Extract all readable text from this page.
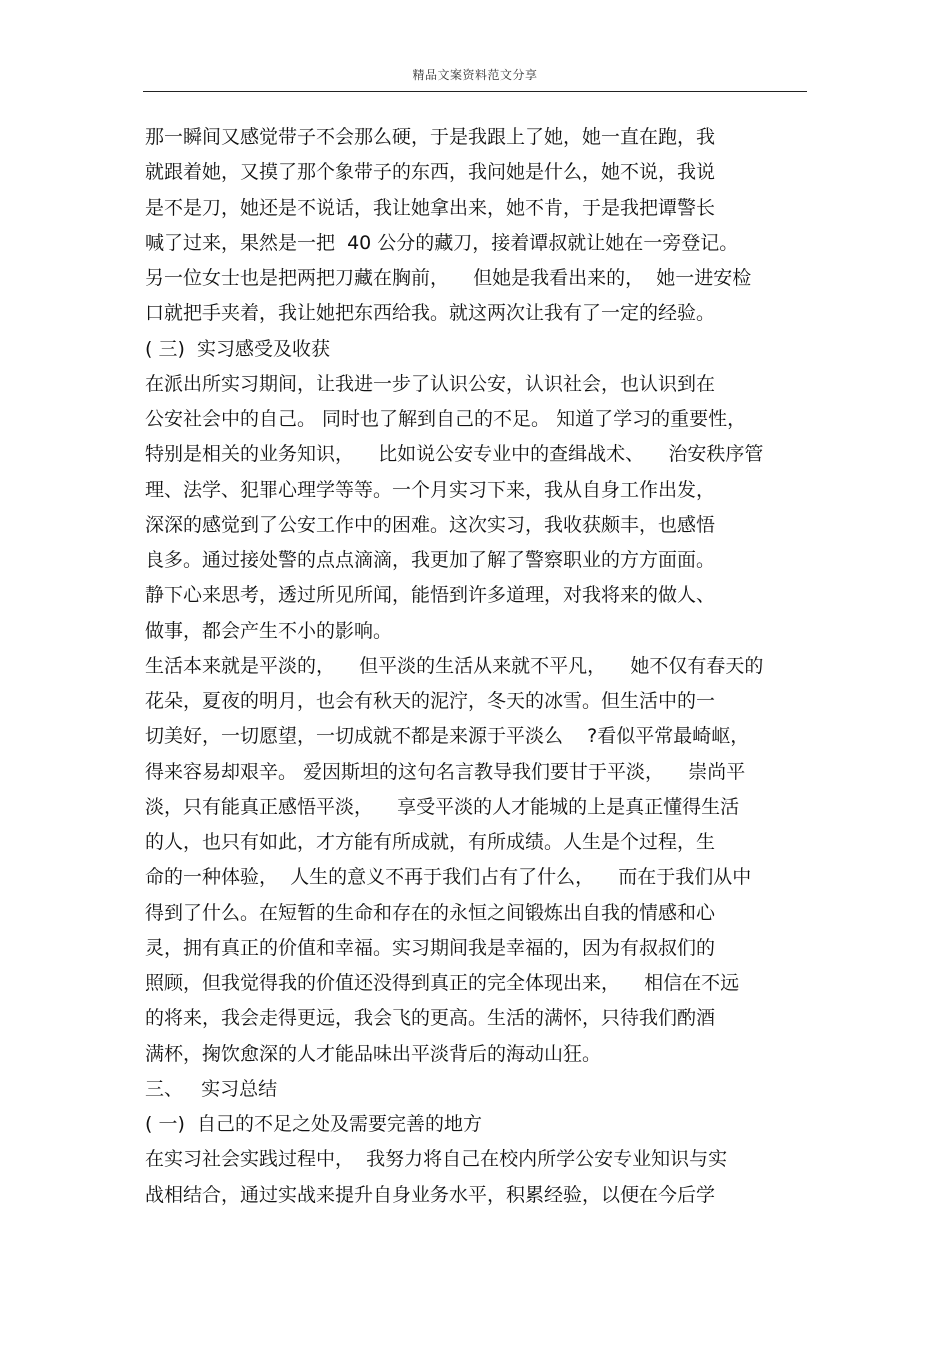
精品文案资料范文分享
那一瞬间又感觉带子不会那么硬，于是我跟上了她，她一直在跑，我
就跟着她，又摸了那个象带子的东西，我问她是什么，她不说，我说
是不是刀，她还是不说话，我让她拿出来，她不肯，于是我把谭警长
喊了过来，果然是一把  40 公分的藏刀，接着谭叔就让她在一旁登记。
另一位女士也是把两把刀藏在胸前，    但她是我看出来的，  她一进安检
口就把手夹着，我让她把东西给我。就这两次让我有了一定的经验。
( 三)  实习感受及收获
在派出所实习期间，让我进一步了认识公安，认识社会，也认识到在
公安社会中的自己。 同时也了解到自己的不足。 知道了学习的重要性，
特别是相关的业务知识，    比如说公安专业中的查缉战术、    治安秩序管
理、法学、犯罪心理学等等。一个月实习下来，我从自身工作出发，
深深的感觉到了公安工作中的困难。这次实习，我收获颇丰，也感悟
良多。通过接处警的点点滴滴，我更加了解了警察职业的方方面面。
静下心来思考，透过所见所闻，能悟到许多道理，对我将来的做人、
做事，都会产生不小的影响。
生活本来就是平淡的，    但平淡的生活从来就不平凡，    她不仅有春天的
花朵，夏夜的明月，也会有秋天的泥泞，冬天的冰雪。但生活中的一
切美好，一切愿望，一切成就不都是来源于平淡么    ?看似平常最崎岖，
得来容易却艰辛。 爱因斯坦的这句名言教导我们要甘于平淡，    崇尚平
淡，只有能真正感悟平淡，    享受平淡的人才能城的上是真正懂得生活
的人，也只有如此，才方能有所成就，有所成绩。人生是个过程，生
命的一种体验，  人生的意义不再于我们占有了什么，    而在于我们从中
得到了什么。在短暂的生命和存在的永恒之间锻炼出自我的情感和心
灵，拥有真正的价值和幸福。实习期间我是幸福的，因为有叔叔们的
照顾，但我觉得我的价值还没得到真正的完全体现出来，    相信在不远
的将来，我会走得更远，我会飞的更高。生活的满怀，只待我们酌酒
满杯，掬饮愈深的人才能品味出平淡背后的海动山狂。
三、   实习总结
( 一)  自己的不足之处及需要完善的地方
在实习社会实践过程中，  我努力将自己在校内所学公安专业知识与实
战相结合，通过实战来提升自身业务水平，积累经验，以便在今后学
